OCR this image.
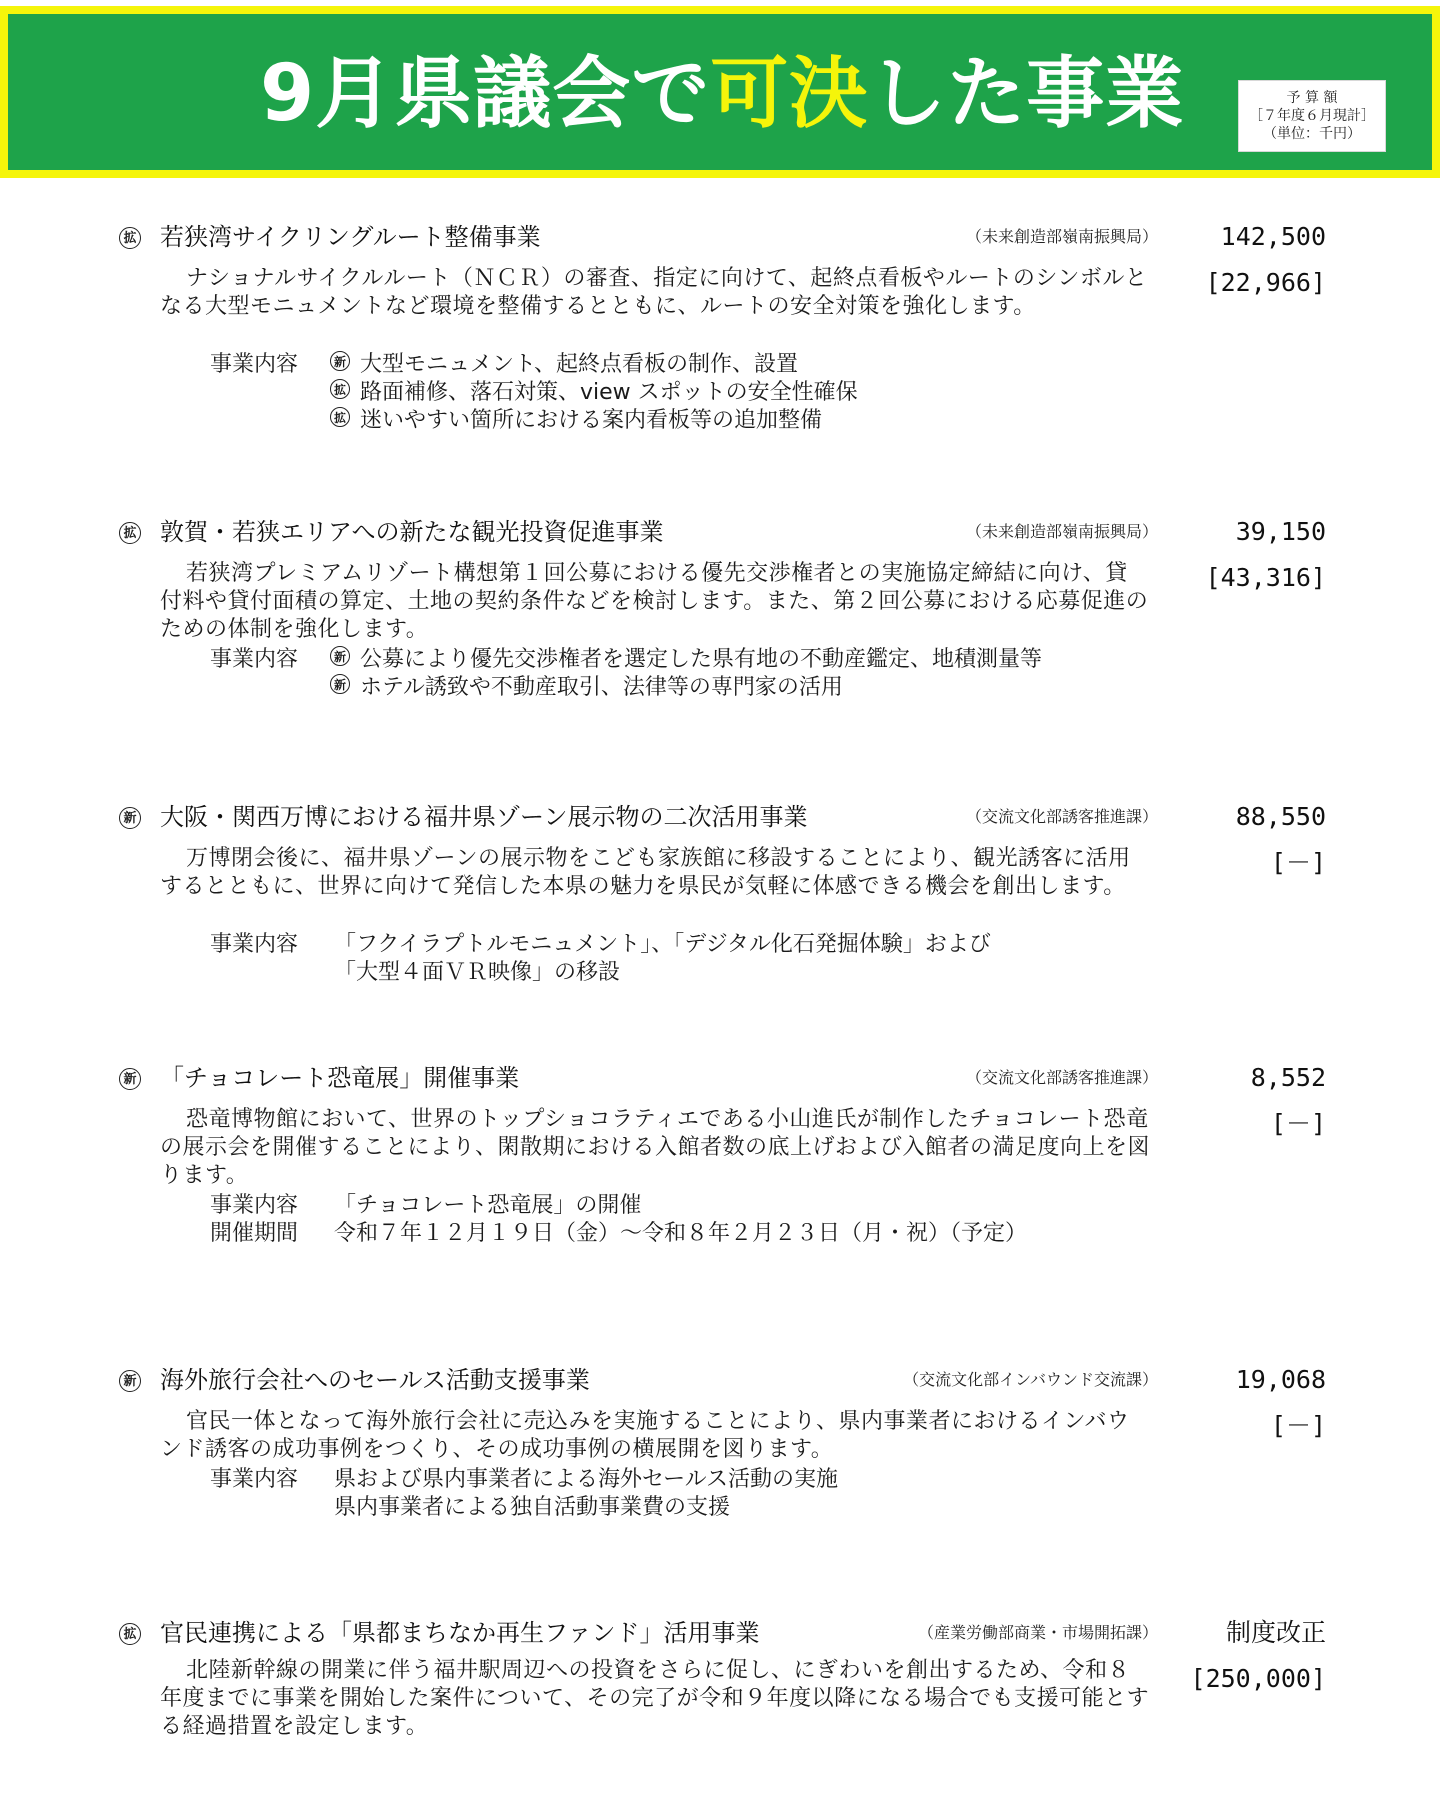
9月県議会で可決した事業	予 算 額
［７年度６月現計］
（単位：千円）
拡 若狭湾サイクリングルート整備事業	（未来創造部嶺南振興局）	142,500
[22,966]
ナショナルサイクルルート（ＮＣＲ）の審査、指定に向けて、起終点看板やルートのシンボルとなる大型モニュメントなど環境を整備するとともに、ルートの安全対策を強化します。
事業内容	新 大型モニュメント、起終点看板の制作、設置
拡 路面補修、落石対策、view スポットの安全性確保
拡 迷いやすい箇所における案内看板等の追加整備
拡 敦賀・若狭エリアへの新たな観光投資促進事業	（未来創造部嶺南振興局）	39,150
[43,316]
若狭湾プレミアムリゾート構想第１回公募における優先交渉権者との実施協定締結に向け、貸付料や貸付面積の算定、土地の契約条件などを検討します。また、第２回公募における応募促進のための体制を強化します。
事業内容	新 公募により優先交渉権者を選定した県有地の不動産鑑定、地積測量等
新 ホテル誘致や不動産取引、法律等の専門家の活用
新 大阪・関西万博における福井県ゾーン展示物の二次活用事業	（交流文化部誘客推進課）	88,550
[－]
万博閉会後に、福井県ゾーンの展示物をこども家族館に移設することにより、観光誘客に活用するとともに、世界に向けて発信した本県の魅力を県民が気軽に体感できる機会を創出します。
事業内容	「フクイラプトルモニュメント」、「デジタル化石発掘体験」および
「大型４面ＶＲ映像」の移設
新 「チョコレート恐竜展」開催事業	（交流文化部誘客推進課）	8,552
[－]
恐竜博物館において、世界のトップショコラティエである小山進氏が制作したチョコレート恐竜の展示会を開催することにより、閑散期における入館者数の底上げおよび入館者の満足度向上を図ります。
事業内容	「チョコレート恐竜展」の開催
開催期間	令和７年１２月１９日（金）～令和８年２月２３日（月・祝）（予定）
新 海外旅行会社へのセールス活動支援事業	（交流文化部インバウンド交流課）	19,068
[－]
官民一体となって海外旅行会社に売込みを実施することにより、県内事業者におけるインバウンド誘客の成功事例をつくり、その成功事例の横展開を図ります。
事業内容	県および県内事業者による海外セールス活動の実施
県内事業者による独自活動事業費の支援
拡 官民連携による「県都まちなか再生ファンド」活用事業	（産業労働部商業・市場開拓課）	制度改正
[250,000]
北陸新幹線の開業に伴う福井駅周辺への投資をさらに促し、にぎわいを創出するため、令和８年度までに事業を開始した案件について、その完了が令和９年度以降になる場合でも支援可能とする経過措置を設定します。
